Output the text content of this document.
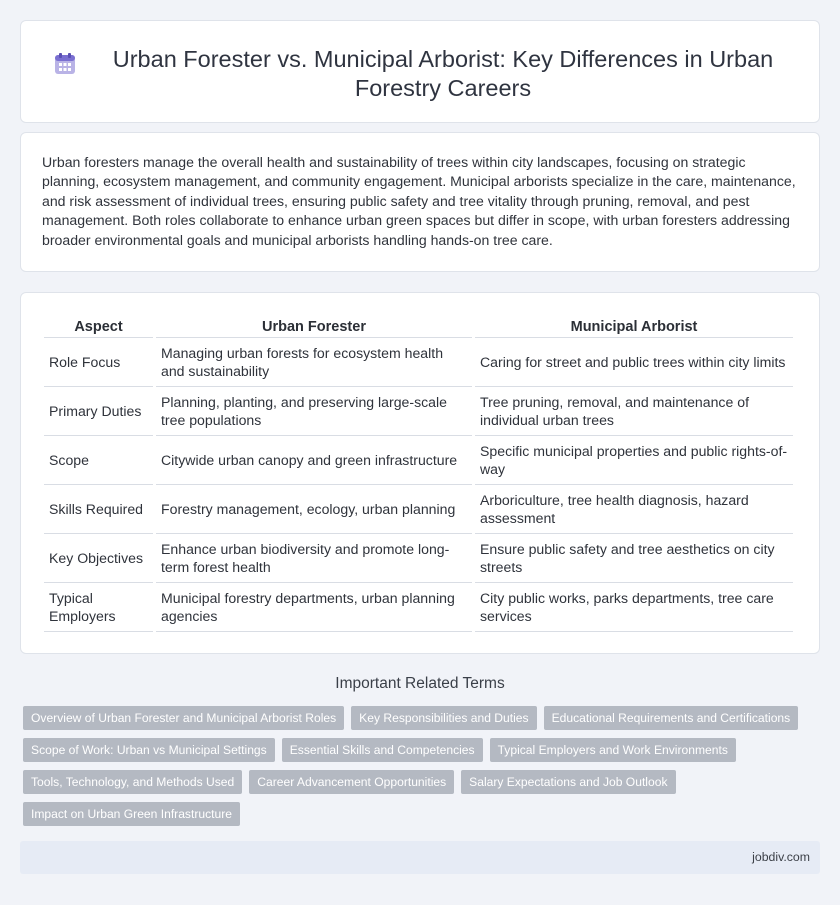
Urban Forester vs. Municipal Arborist: Key Differences in Urban Forestry Careers

Urban foresters manage the overall health and sustainability of trees within city landscapes, focusing on strategic planning, ecosystem management, and community engagement. Municipal arborists specialize in the care, maintenance, and risk assessment of individual trees, ensuring public safety and tree vitality through pruning, removal, and pest management. Both roles collaborate to enhance urban green spaces but differ in scope, with urban foresters addressing broader environmental goals and municipal arborists handling hands-on tree care.

Aspect	Urban Forester	Municipal Arborist
Role Focus	Managing urban forests for ecosystem health and sustainability	Caring for street and public trees within city limits
Primary Duties	Planning, planting, and preserving large-scale tree populations	Tree pruning, removal, and maintenance of individual urban trees
Scope	Citywide urban canopy and green infrastructure	Specific municipal properties and public rights-of-way
Skills Required	Forestry management, ecology, urban planning	Arboriculture, tree health diagnosis, hazard assessment
Key Objectives	Enhance urban biodiversity and promote long-term forest health	Ensure public safety and tree aesthetics on city streets
Typical Employers	Municipal forestry departments, urban planning agencies	City public works, parks departments, tree care services
Important Related Terms
Overview of Urban Forester and Municipal Arborist Roles	Key Responsibilities and Duties	Educational Requirements and Certifications
Scope of Work: Urban vs Municipal Settings	Essential Skills and Competencies	Typical Employers and Work Environments
Tools, Technology, and Methods Used	Career Advancement Opportunities	Salary Expectations and Job Outlook
Impact on Urban Green Infrastructure
jobdiv.com
